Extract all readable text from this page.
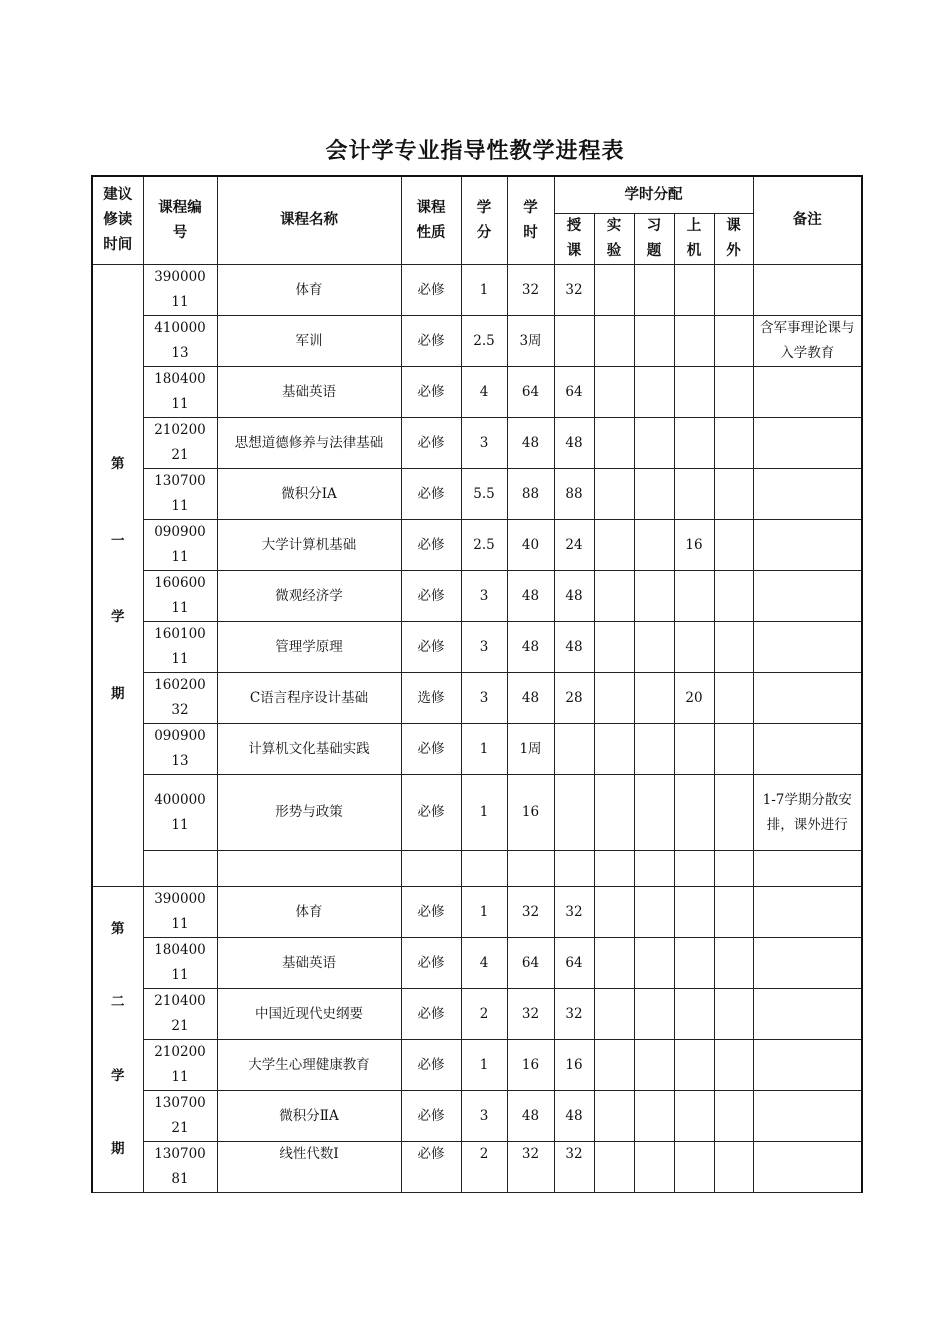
会计学专业指导性教学进程表
建议修读时间	课程编号	课程名称	课程性质	学分	学时	学时分配					备注
						授课	实验	习题	上机	课外	

第
一
学
期	39000011	体育	必修	1	32	32					
	41000013	军训	必修	2.5	3周						含军事理论课与入学教育
	18040011	基础英语	必修	4	64	64					
	21020021	思想道德修养与法律基础	必修	3	48	48					
	13070011	微积分ⅠA	必修	5.5	88	88					
	09090011	大学计算机基础	必修	2.5	40	24			16		
	16060011	微观经济学	必修	3	48	48					
	16010011	管理学原理	必修	3	48	48					
	16020032	C语言程序设计基础	选修	3	48	28			20		
	09090013	计算机文化基础实践	必修	1	1周						
	40000011	形势与政策	必修	1	16						1-7学期分散安排，课外进行

第
二
学
期	39000011	体育	必修	1	32	32					
	18040011	基础英语	必修	4	64	64					
	21040021	中国近现代史纲要	必修	2	32	32					
	21020011	大学生心理健康教育	必修	1	16	16					
	13070021	微积分ⅡA	必修	3	48	48					
	13070081	线性代数Ⅰ	必修	2	32	32					
